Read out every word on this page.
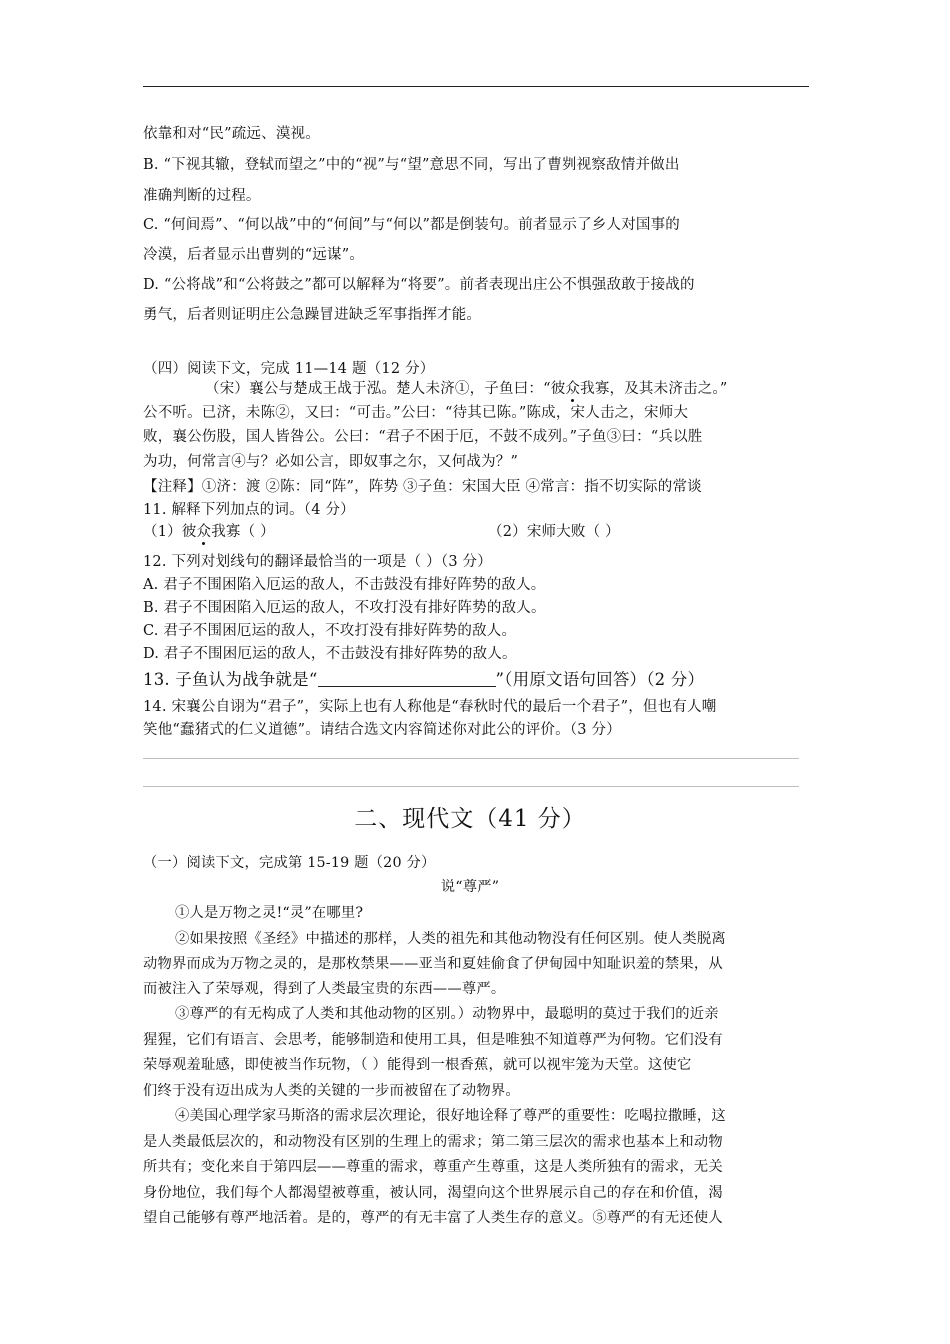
依靠和对“民”疏远、漠视。
B. “下视其辙，登轼而望之”中的“视”与“望”意思不同，写出了曹刿视察敌情并做出
准确判断的过程。
C. “何间焉”、“何以战”中的“何间”与“何以”都是倒装句。前者显示了乡人对国事的
冷漠，后者显示出曹刿的“远谋”。
D. “公将战”和“公将鼓之”都可以解释为“将要”。前者表现出庄公不惧强敌敢于接战的
勇气，后者则证明庄公急躁冒进缺乏军事指挥才能。
（四）阅读下文，完成 11—14 题（12 分）
（宋）襄公与楚成王战于泓。楚人未济①，子鱼曰：“彼众我寡，及其未济击之。”
公不听。已济，未陈②，又曰：“可击。”公曰：“待其已陈。”陈成，宋人击之，宋师大
败，襄公伤股，国人皆咎公。公曰：“君子不困于厄，不鼓不成列。”子鱼③曰：“兵以胜
为功，何常言④与？必如公言，即奴事之尔，又何战为？”
【注释】①济：渡 ②陈：同“阵”，阵势 ③子鱼：宋国大臣 ④常言：指不切实际的常谈
11. 解释下列加点的词。（4 分）
（1）彼众我寡（ ）	（2）宋师大败（ ）
12. 下列对划线句的翻译最恰当的一项是（ ）（3 分）
A. 君子不围困陷入厄运的敌人，不击鼓没有排好阵势的敌人。
B. 君子不围困陷入厄运的敌人，不攻打没有排好阵势的敌人。
C. 君子不围困厄运的敌人，不攻打没有排好阵势的敌人。
D. 君子不围困厄运的敌人，不击鼓没有排好阵势的敌人。
13. 子鱼认为战争就是“	”（用原文语句回答）（2 分）
14. 宋襄公自诩为“君子”，实际上也有人称他是“春秋时代的最后一个君子”，但也有人嘲
笑他“蠢猪式的仁义道德”。请结合选文内容简述你对此公的评价。（3 分）
二、现代文（41 分）
（一）阅读下文，完成第 15-19 题（20 分）
说“尊严”
①人是万物之灵!“灵”在哪里?
②如果按照《圣经》中描述的那样，人类的祖先和其他动物没有任何区别。使人类脱离
动物界而成为万物之灵的，是那枚禁果——亚当和夏娃偷食了伊甸园中知耻识羞的禁果，从
而被注入了荣辱观，得到了人类最宝贵的东西——尊严。
③尊严的有无构成了人类和其他动物的区别。）动物界中，最聪明的莫过于我们的近亲
猩猩，它们有语言、会思考，能够制造和使用工具，但是唯独不知道尊严为何物。它们没有
荣辱观羞耻感，即使被当作玩物，（ ）能得到一根香蕉，就可以视牢笼为天堂。这使它
们终于没有迈出成为人类的关键的一步而被留在了动物界。
④美国心理学家马斯洛的需求层次理论，很好地诠释了尊严的重要性：吃喝拉撒睡，这
是人类最低层次的，和动物没有区别的生理上的需求；第二第三层次的需求也基本上和动物
所共有；变化来自于第四层——尊重的需求，尊重产生尊重，这是人类所独有的需求，无关
身份地位，我们每个人都渴望被尊重，被认同，渴望向这个世界展示自己的存在和价值，渴
望自己能够有尊严地活着。是的，尊严的有无丰富了人类生存的意义。⑤尊严的有无还使人
